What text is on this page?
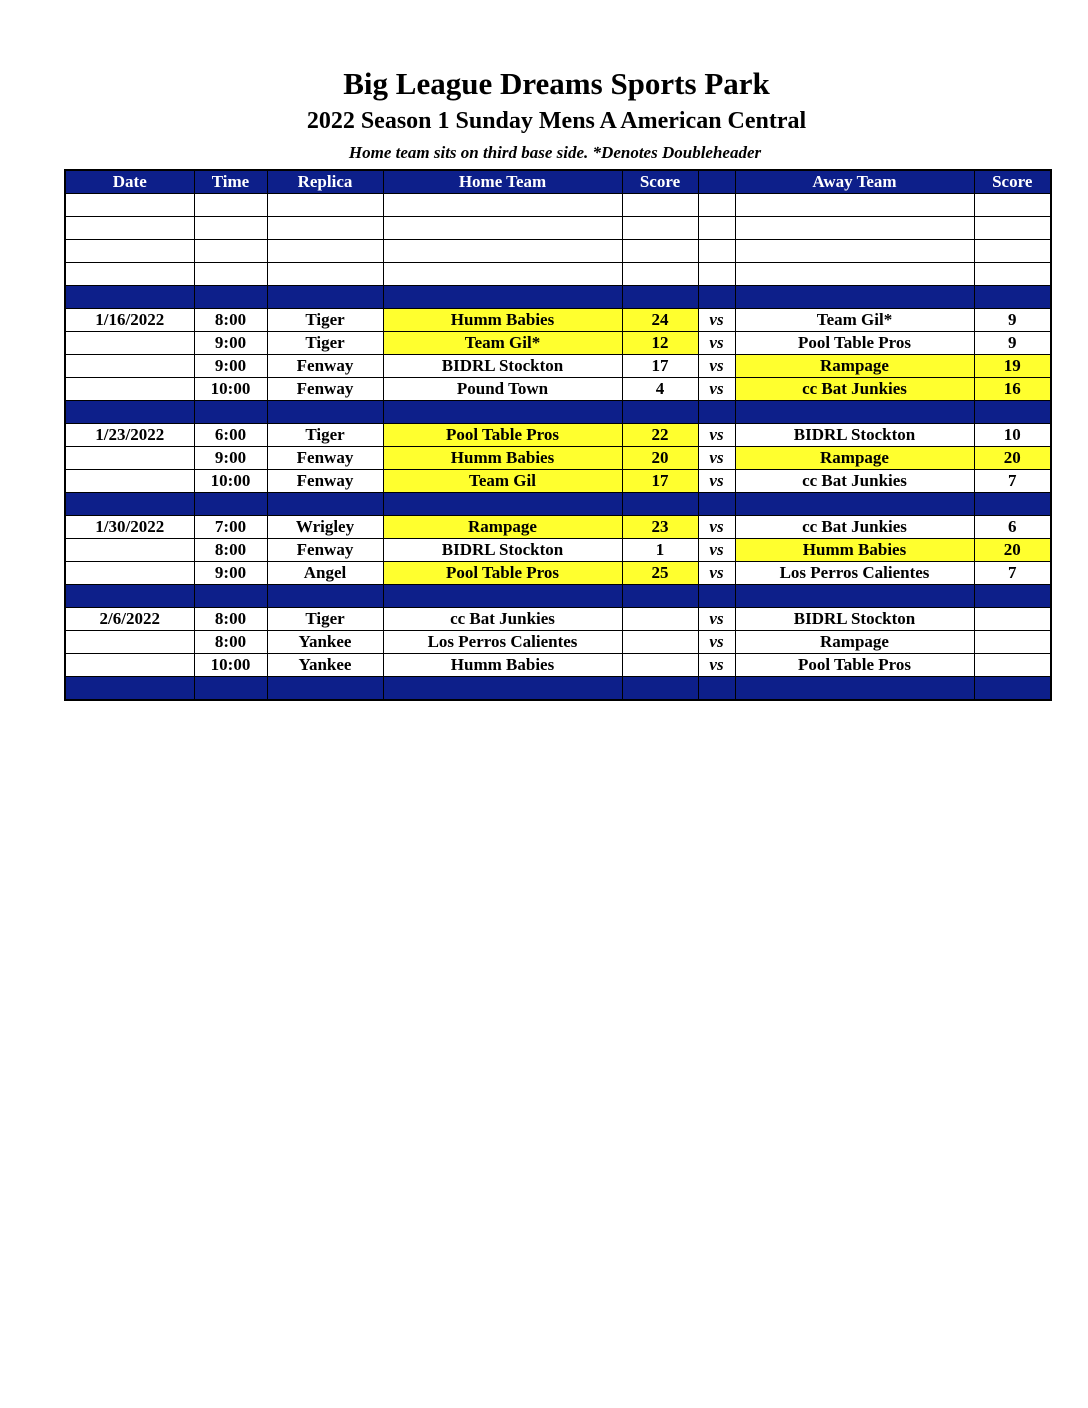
Big League Dreams Sports Park
2022 Season 1 Sunday Mens A American Central
Home team sits on third base side. *Denotes Doubleheader
Date	Time	Replica	Home Team	Score		Away Team	Score

1/16/2022	8:00	Tiger	Humm Babies	24	vs	Team Gil*	9
	9:00	Tiger	Team Gil*	12	vs	Pool Table Pros	9
	9:00	Fenway	BIDRL Stockton	17	vs	Rampage	19
	10:00	Fenway	Pound Town	4	vs	cc Bat Junkies	16

1/23/2022	6:00	Tiger	Pool Table Pros	22	vs	BIDRL Stockton	10
	9:00	Fenway	Humm Babies	20	vs	Rampage	20
	10:00	Fenway	Team Gil	17	vs	cc Bat Junkies	7

1/30/2022	7:00	Wrigley	Rampage	23	vs	cc Bat Junkies	6
	8:00	Fenway	BIDRL Stockton	1	vs	Humm Babies	20
	9:00	Angel	Pool Table Pros	25	vs	Los Perros Calientes	7

2/6/2022	8:00	Tiger	cc Bat Junkies		vs	BIDRL Stockton	
	8:00	Yankee	Los Perros Calientes		vs	Rampage	
	10:00	Yankee	Humm Babies		vs	Pool Table Pros	
